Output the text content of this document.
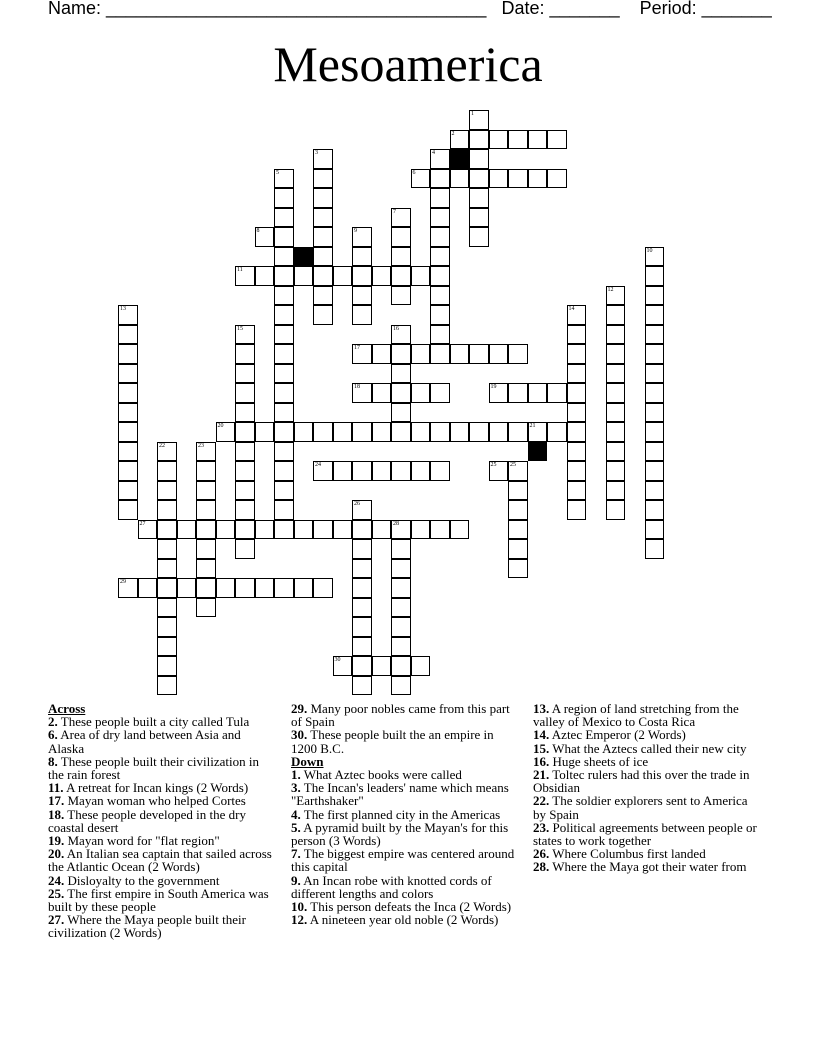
Name: ______________________________________ Date: _______ Period: _______
Mesoamerica
1
2
3	4
5	6
7
8	9
10
11
12
13	14
15	16
17
18	19
20	21
22	23
24	25 25
26
27	28
29
30
Across
2. These people built a city called Tula
6. Area of dry land between Asia and Alaska
8. These people built their civilization in the rain forest
11. A retreat for Incan kings (2 Words)
17. Mayan woman who helped Cortes
18. These people developed in the dry coastal desert
19. Mayan word for "flat region"
20. An Italian sea captain that sailed across the Atlantic Ocean (2 Words)
24. Disloyalty to the government
25. The first empire in South America was built by these people
27. Where the Maya people built their civilization (2 Words)
29. Many poor nobles came from this part of Spain
30. These people built the an empire in 1200 B.C.
Down
1. What Aztec books were called
3. The Incan's leaders' name which means "Earthshaker"
4. The first planned city in the Americas
5. A pyramid built by the Mayan's for this person (3 Words)
7. The biggest empire was centered around this capital
9. An Incan robe with knotted cords of different lengths and colors
10. This person defeats the Inca (2 Words)
12. A nineteen year old noble (2 Words)
13. A region of land stretching from the valley of Mexico to Costa Rica
14. Aztec Emperor (2 Words)
15. What the Aztecs called their new city
16. Huge sheets of ice
21. Toltec rulers had this over the trade in Obsidian
22. The soldier explorers sent to America by Spain
23. Political agreements between people or states to work together
26. Where Columbus first landed
28. Where the Maya got their water from
